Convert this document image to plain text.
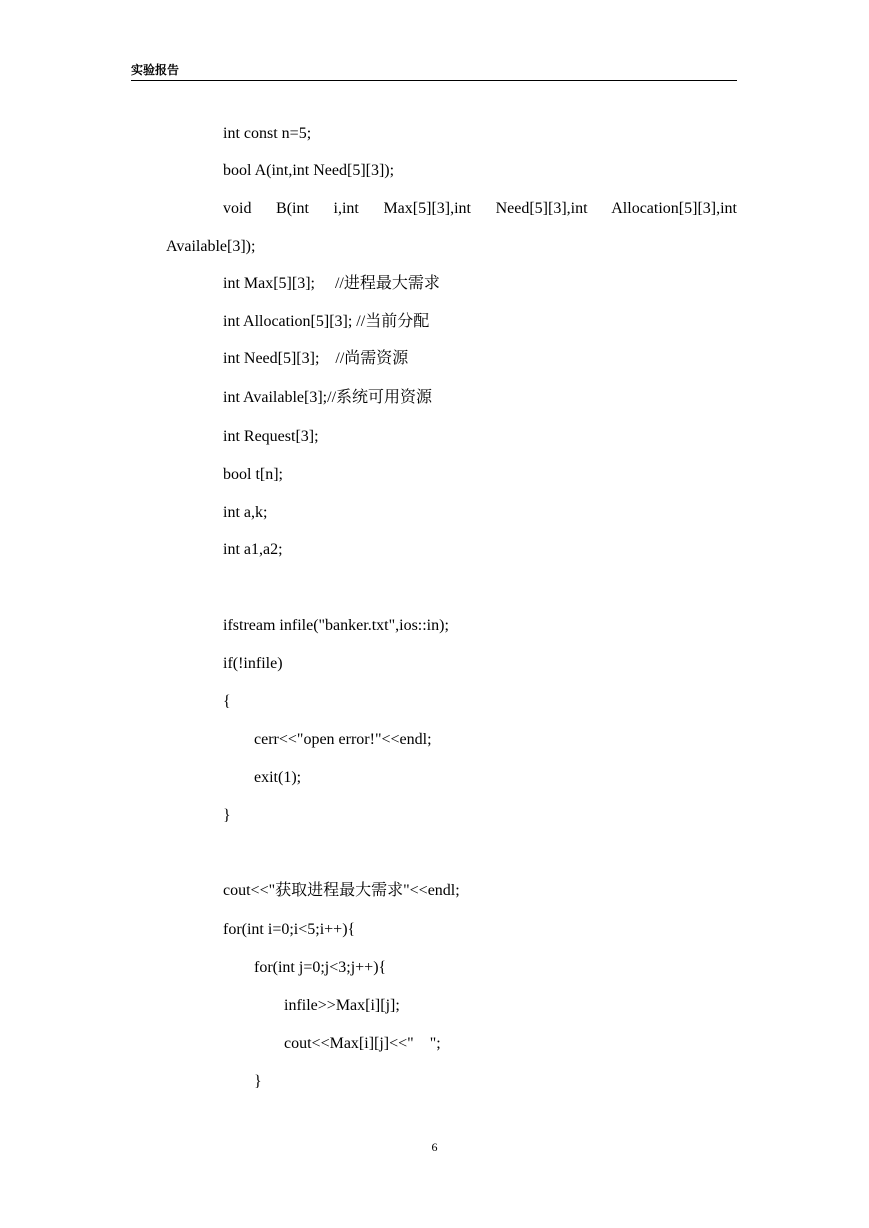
实验报告
int const n=5;
bool A(int,int Need[5][3]);
void B(int i,int Max[5][3],int Need[5][3],int Allocation[5][3],int
Available[3]);
int Max[5][3];     //进程最大需求
int Allocation[5][3]; //当前分配
int Need[5][3];    //尚需资源
int Available[3];//系统可用资源
int Request[3];
bool t[n];
int a,k;
int a1,a2;
ifstream infile("banker.txt",ios::in);
if(!infile)
{
cerr<<"open error!"<<endl;
exit(1);
}
cout<<"获取进程最大需求"<<endl;
for(int i=0;i<5;i++){
for(int j=0;j<3;j++){
infile>>Max[i][j];
cout<<Max[i][j]<<"    ";
}
6
